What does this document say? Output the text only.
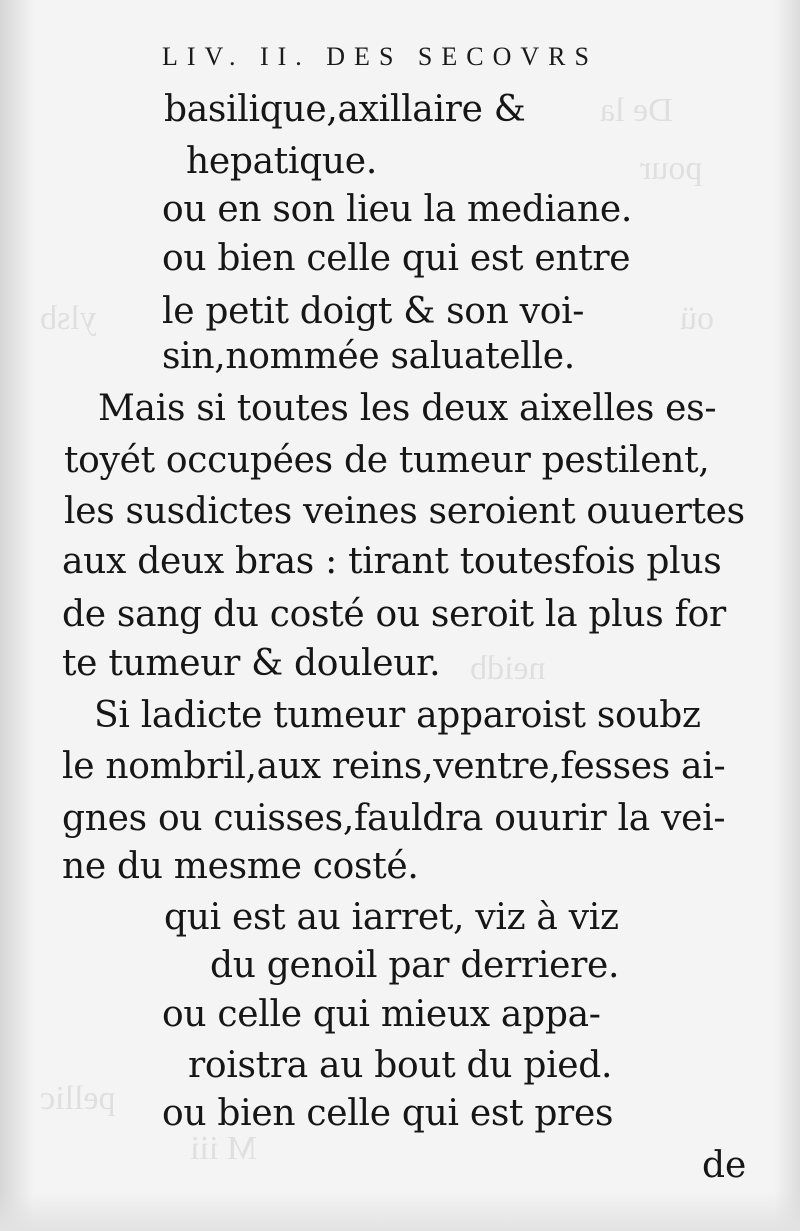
De la
pour
ylsb	oü
neidb
pellic
M iii
LIV. II. DES SECOVRS
basilique,axillaire &
hepatique.
ou en son lieu la mediane.
ou bien celle qui est entre
le petit doigt & son voi-
sin,nommée saluatelle.
Mais si toutes les deux aixelles es-
toyét occupées de tumeur pestilent,
les susdictes veines seroient ouuertes
aux deux bras : tirant toutesfois plus
de sang du costé ou seroit la plus for
te tumeur & douleur.
Si ladicte tumeur apparoist soubz
le nombril,aux reins,ventre,fesses ai-
gnes ou cuisses,fauldra ouurir la vei-
ne du mesme costé.
qui est au iarret, viz à viz
du genoil par derriere.
ou celle qui mieux appa-
roistra au bout du pied.
ou bien celle qui est pres
de
